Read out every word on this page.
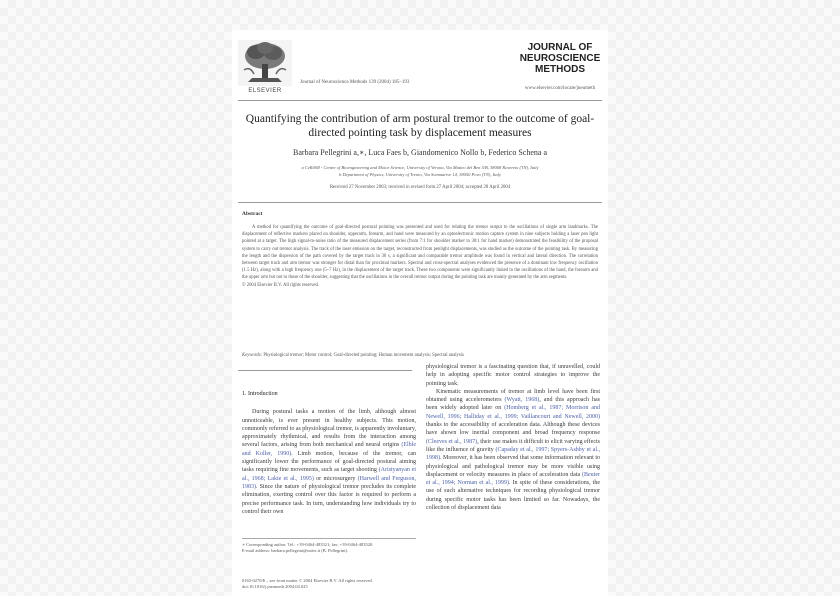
ELSEVIER
Journal of Neuroscience Methods 139 (2004) 185–193
JOURNAL OF NEUROSCIENCE METHODS
www.elsevier.com/locate/jneumeth
Quantifying the contribution of arm postural tremor to the outcome of goal-directed pointing task by displacement measures
Barbara Pellegrini a,∗, Luca Faes b, Giandomenico Nollo b, Federico Schena a
a CeRiSM - Centre of Bioengineering and Motor Science, University of Verona, Via Matteo del Ben 5/B, 38068 Rovereto (TN), Italy
b Department of Physics, University of Trento, Via Sommarive 14, 38050 Povo (TN), Italy
Received 27 November 2003; received in revised form 27 April 2004; accepted 28 April 2004
Abstract
A method for quantifying the outcome of goal-directed postural pointing was presented and used for relating the tremor output to the oscillations of single arm landmarks. The displacement of reflective markers placed on shoulder, upperarm, forearm, and hand were measured by an optoelectronic motion capture system in nine subjects holding a laser pen light pointed at a target. The high signal-to-noise ratio of the measured displacement series (from 7:1 for shoulder marker to 30:1 for hand marker) demonstrated the feasibility of the proposal system to carry out tremor analysis. The track of the laser emission on the target, reconstructed from penlight displacements, was studied as the outcome of the pointing task. By measuring the length and the dispersion of the path covered by the target track in 30 s, a significant and comparable tremor amplitude was found in vertical and lateral direction. The correlation between target track and arm tremor was stronger for distal than for proximal markers. Spectral and cross-spectral analyses evidenced the presence of a dominant low frequency oscillation (1.5 Hz), along with a high frequency one (5–7 Hz), in the displacement of the target track. These two components were significantly linked to the oscillations of the hand, the forearm and the upper arm but not to those of the shoulder, suggesting that the oscillations in the overall tremor output during the pointing task are mainly generated by the arm segments.
© 2004 Elsevier B.V. All rights reserved.
Keywords: Physiological tremor; Motor control; Goal-directed pointing; Human movement analysis; Spectral analysis
1. Introduction

During postural tasks a motion of the limb, although almost unnoticeable, is ever present in healthy subjects. This motion, commonly referred to as physiological tremor, is apparently involuntary, approximately rhythmical, and results from the interaction among several factors, arising from both mechanical and neural origins (Elble and Koller, 1990). Limb motion, because of the tremor, can significantly lower the performance of goal-directed postural aiming tasks requiring fine movements, such as target shooting (Aristyanyan et al., 1968; Lakie et al., 1995) or microsurgery (Harwell and Ferguson, 1983). Since the nature of physiological tremor precludes its complete elimination, exerting control over this factor is required to perform a precise performance task. In turn, understanding how individuals try to control their own

physiological tremor is a fascinating question that, if unravelled, could help in adopting specific motor control strategies to improve the pointing task.

Kinematic measurements of tremor at limb level have been first obtained using accelerometers (Wyatt, 1968), and this approach has been widely adopted later on (Homberg et al., 1987; Morrison and Newell, 1996; Halliday et al., 1999; Vaillancourt and Newell, 2000) thanks to the accessibility of acceleration data. Although these devices have shown low inertial component and broad frequency response (Cleeves et al., 1987), their use makes it difficult to elicit varying effects like the influence of gravity (Capaday et al., 1997; Spyers-Ashby et al., 1998). Moreover, it has been observed that some information relevant to physiological and pathological tremor may be more visible using displacement or velocity measures in place of acceleration data (Beuter et al., 1994; Norman et al., 1999). In spite of these considerations, the use of such alternative techniques for recording physiological tremor during specific motor tasks has been limited so far. Nowadays, the collection of displacement data

∗ Corresponding author. Tel.: +39-0464-483521; fax: +39-0464-483520.
E-mail address: barbara.pellegrini@univr.it (B. Pellegrini).
0165-0270/$ – see front matter © 2004 Elsevier B.V. All rights reserved.
doi:10.1016/j.jneumeth.2004.04.025
